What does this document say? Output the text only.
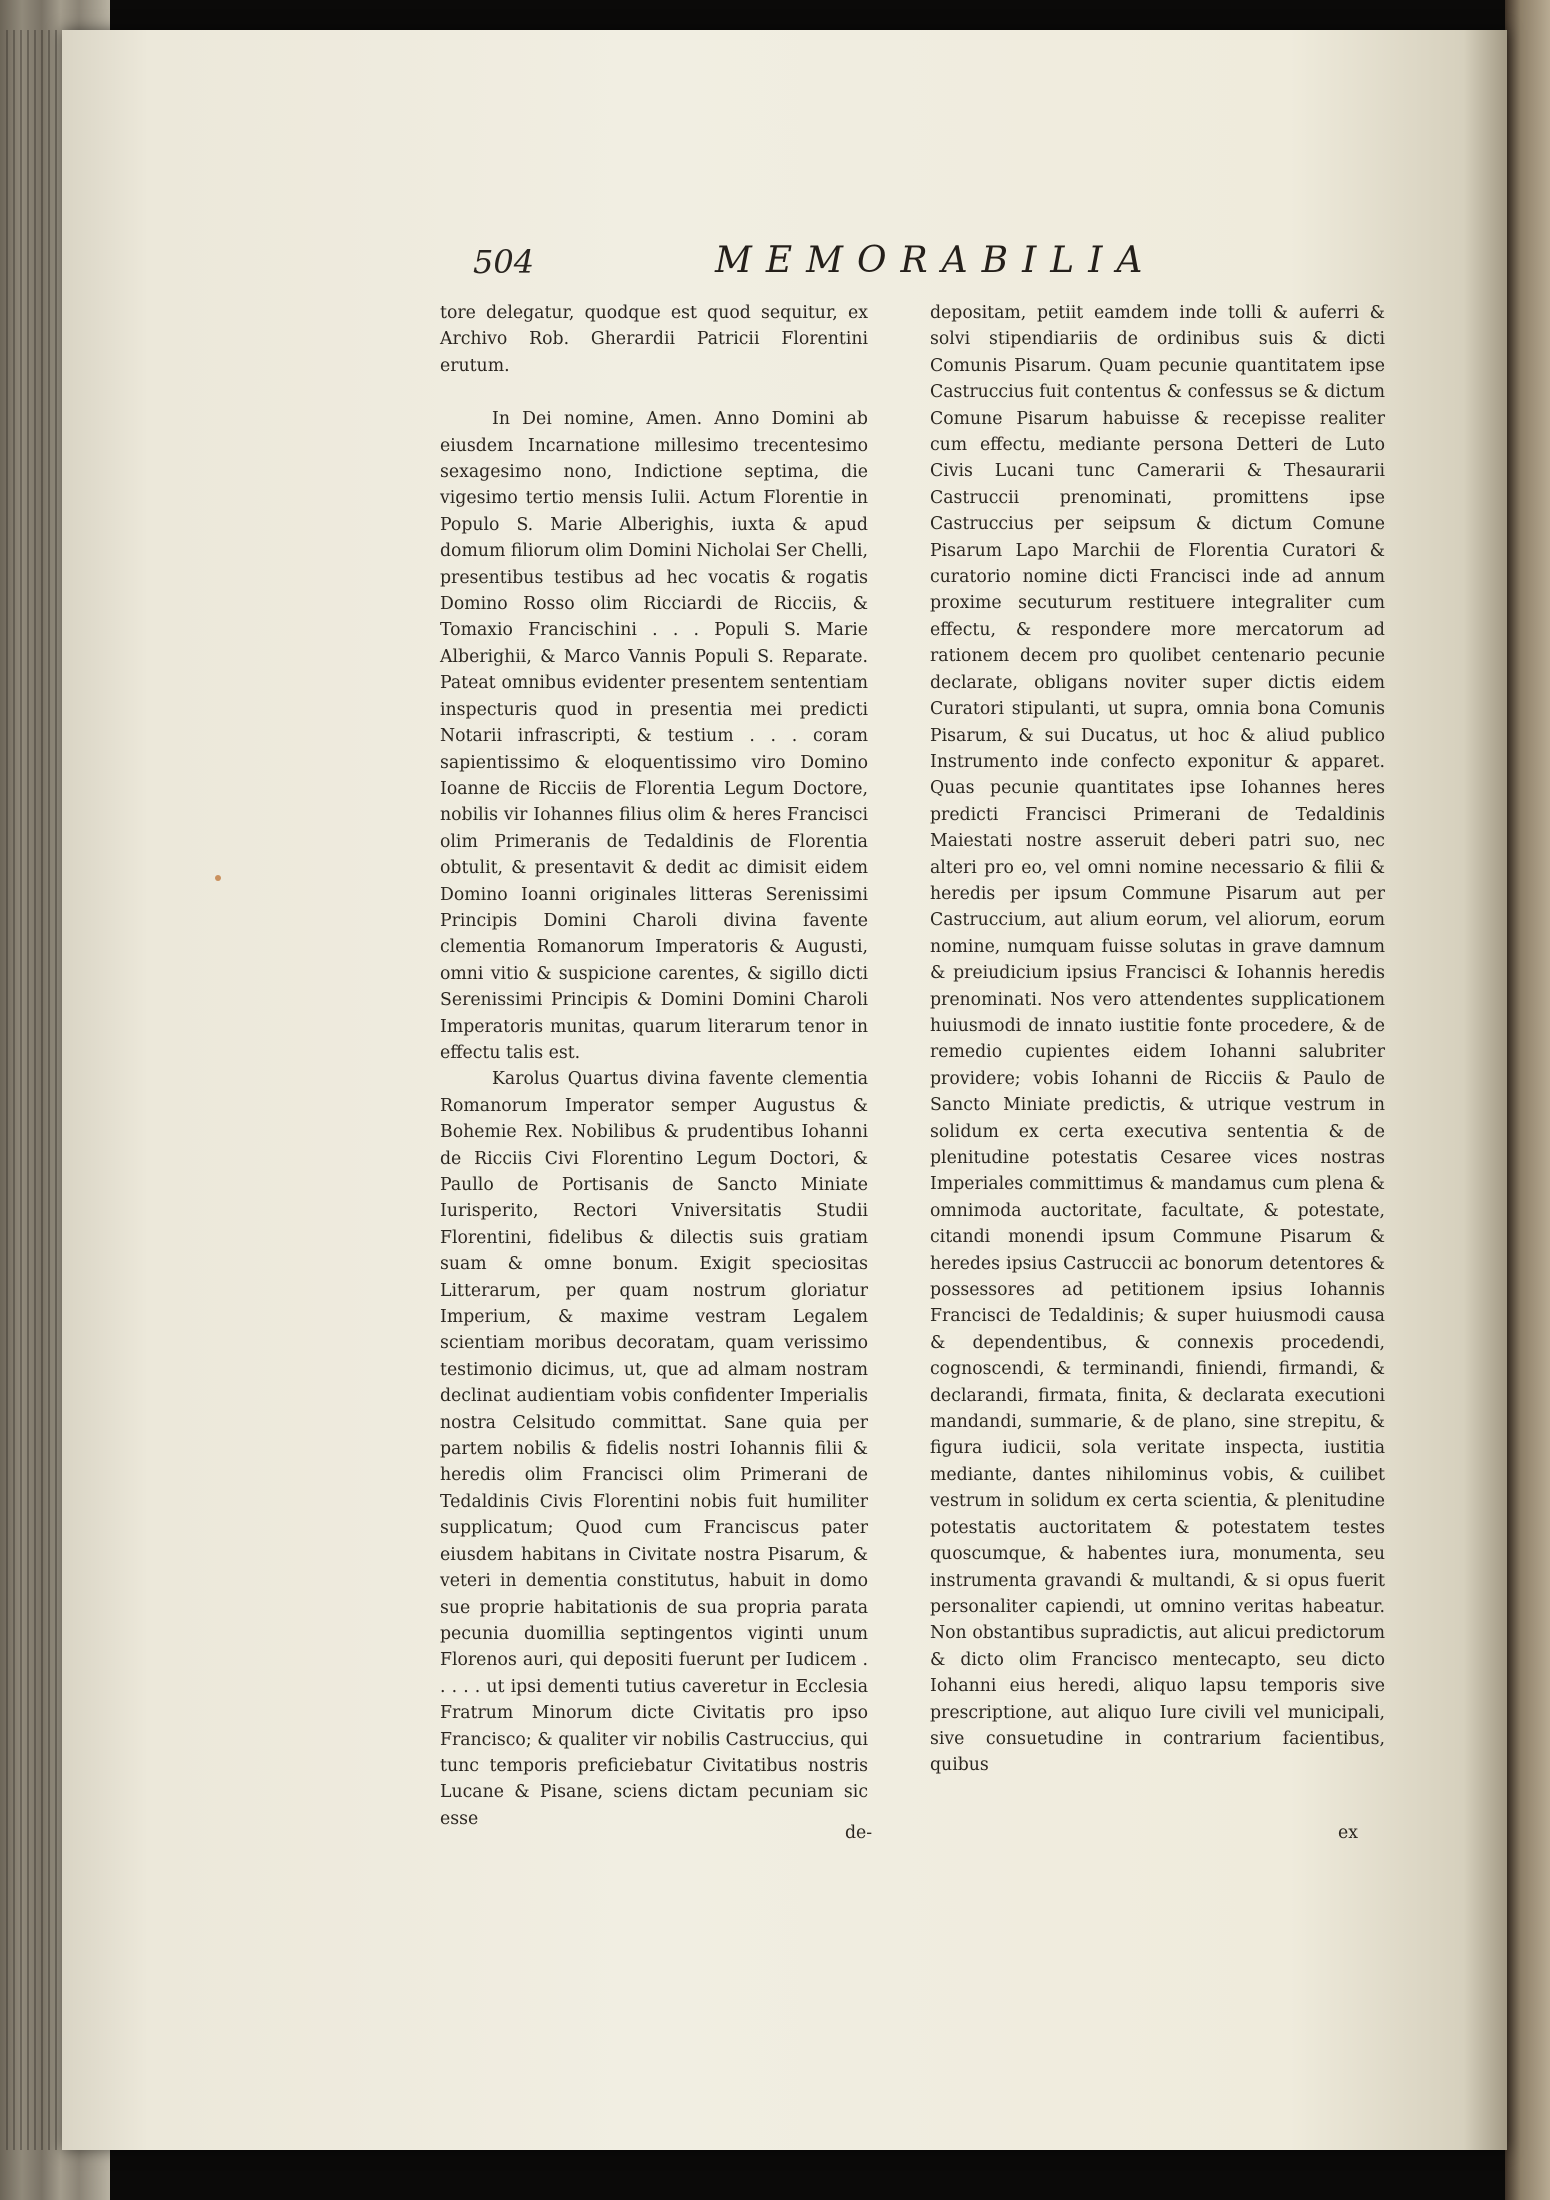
504	MEMORABILIA

tore delegatur, quodque est quod sequitur, ex Archivo Rob. Gherardii Patricii Florentini erutum.

In Dei nomine, Amen. Anno Domini ab eiusdem Incarnatione millesimo trecentesimo sexagesimo nono, Indictione septima, die vigesimo tertio mensis Iulii. Actum Florentie in Populo S. Marie Alberighis, iuxta & apud domum filiorum olim Domini Nicholai Ser Chelli, presentibus testibus ad hec vocatis & rogatis Domino Rosso olim Ricciardi de Ricciis, & Tomaxio Francischini . . . Populi S. Marie Alberighii, & Marco Vannis Populi S. Reparate. Pateat omnibus evidenter presentem sententiam inspecturis quod in presentia mei predicti Notarii infrascripti, & testium . . . coram sapientissimo & eloquentissimo viro Domino Ioanne de Ricciis de Florentia Legum Doctore, nobilis vir Iohannes filius olim & heres Francisci olim Primeranis de Tedaldinis de Florentia obtulit, & presentavit & dedit ac dimisit eidem Domino Ioanni originales litteras Serenissimi Principis Domini Charoli divina favente clementia Romanorum Imperatoris & Augusti, omni vitio & suspicione carentes, & sigillo dicti Serenissimi Principis & Domini Domini Charoli Imperatoris munitas, quarum literarum tenor in effectu talis est.

Karolus Quartus divina favente clementia Romanorum Imperator semper Augustus & Bohemie Rex. Nobilibus & prudentibus Iohanni de Ricciis Civi Florentino Legum Doctori, & Paullo de Portisanis de Sancto Miniate Iurisperito, Rectori Vniversitatis Studii Florentini, fidelibus & dilectis suis gratiam suam & omne bonum. Exigit speciositas Litterarum, per quam nostrum gloriatur Imperium, & maxime vestram Legalem scientiam moribus decoratam, quam verissimo testimonio dicimus, ut, que ad almam nostram declinat audientiam vobis confidenter Imperialis nostra Celsitudo committat. Sane quia per partem nobilis & fidelis nostri Iohannis filii & heredis olim Francisci olim Primerani de Tedaldinis Civis Florentini nobis fuit humiliter supplicatum; Quod cum Franciscus pater eiusdem habitans in Civitate nostra Pisarum, & veteri in dementia constitutus, habuit in domo sue proprie habitationis de sua propria parata pecunia duomillia septingentos viginti unum Florenos auri, qui depositi fuerunt per Iudicem . . . . . ut ipsi dementi tutius caveretur in Ecclesia Fratrum Minorum dicte Civitatis pro ipso Francisco; & qualiter vir nobilis Castruccius, qui tunc temporis preficiebatur Civitatibus nostris Lucane & Pisane, sciens dictam pecuniam sic esse

de-

depositam, petiit eamdem inde tolli & auferri & solvi stipendiariis de ordinibus suis & dicti Comunis Pisarum. Quam pecunie quantitatem ipse Castruccius fuit contentus & confessus se & dictum Comune Pisarum habuisse & recepisse realiter cum effectu, mediante persona Detteri de Luto Civis Lucani tunc Camerarii & Thesaurarii Castruccii prenominati, promittens ipse Castruccius per seipsum & dictum Comune Pisarum Lapo Marchii de Florentia Curatori & curatorio nomine dicti Francisci inde ad annum proxime secuturum restituere integraliter cum effectu, & respondere more mercatorum ad rationem decem pro quolibet centenario pecunie declarate, obligans noviter super dictis eidem Curatori stipulanti, ut supra, omnia bona Comunis Pisarum, & sui Ducatus, ut hoc & aliud publico Instrumento inde confecto exponitur & apparet. Quas pecunie quantitates ipse Iohannes heres predicti Francisci Primerani de Tedaldinis Maiestati nostre asseruit deberi patri suo, nec alteri pro eo, vel omni nomine necessario & filii & heredis per ipsum Commune Pisarum aut per Castruccium, aut alium eorum, vel aliorum, eorum nomine, numquam fuisse solutas in grave damnum & preiudicium ipsius Francisci & Iohannis heredis prenominati. Nos vero attendentes supplicationem huiusmodi de innato iustitie fonte procedere, & de remedio cupientes eidem Iohanni salubriter providere; vobis Iohanni de Ricciis & Paulo de Sancto Miniate predictis, & utrique vestrum in solidum ex certa executiva sententia & de plenitudine potestatis Cesaree vices nostras Imperiales committimus & mandamus cum plena & omnimoda auctoritate, facultate, & potestate, citandi monendi ipsum Commune Pisarum & heredes ipsius Castruccii ac bonorum detentores & possessores ad petitionem ipsius Iohannis Francisci de Tedaldinis; & super huiusmodi causa & dependentibus, & connexis procedendi, cognoscendi, & terminandi, finiendi, firmandi, & declarandi, firmata, finita, & declarata executioni mandandi, summarie, & de plano, sine strepitu, & figura iudicii, sola veritate inspecta, iustitia mediante, dantes nihilominus vobis, & cuilibet vestrum in solidum ex certa scientia, & plenitudine potestatis auctoritatem & potestatem testes quoscumque, & habentes iura, monumenta, seu instrumenta gravandi & multandi, & si opus fuerit personaliter capiendi, ut omnino veritas habeatur. Non obstantibus supradictis, aut alicui predictorum & dicto olim Francisco mentecapto, seu dicto Iohanni eius heredi, aliquo lapsu temporis sive prescriptione, aut aliquo Iure civili vel municipali, sive consuetudine in contrarium facientibus, quibus

ex
